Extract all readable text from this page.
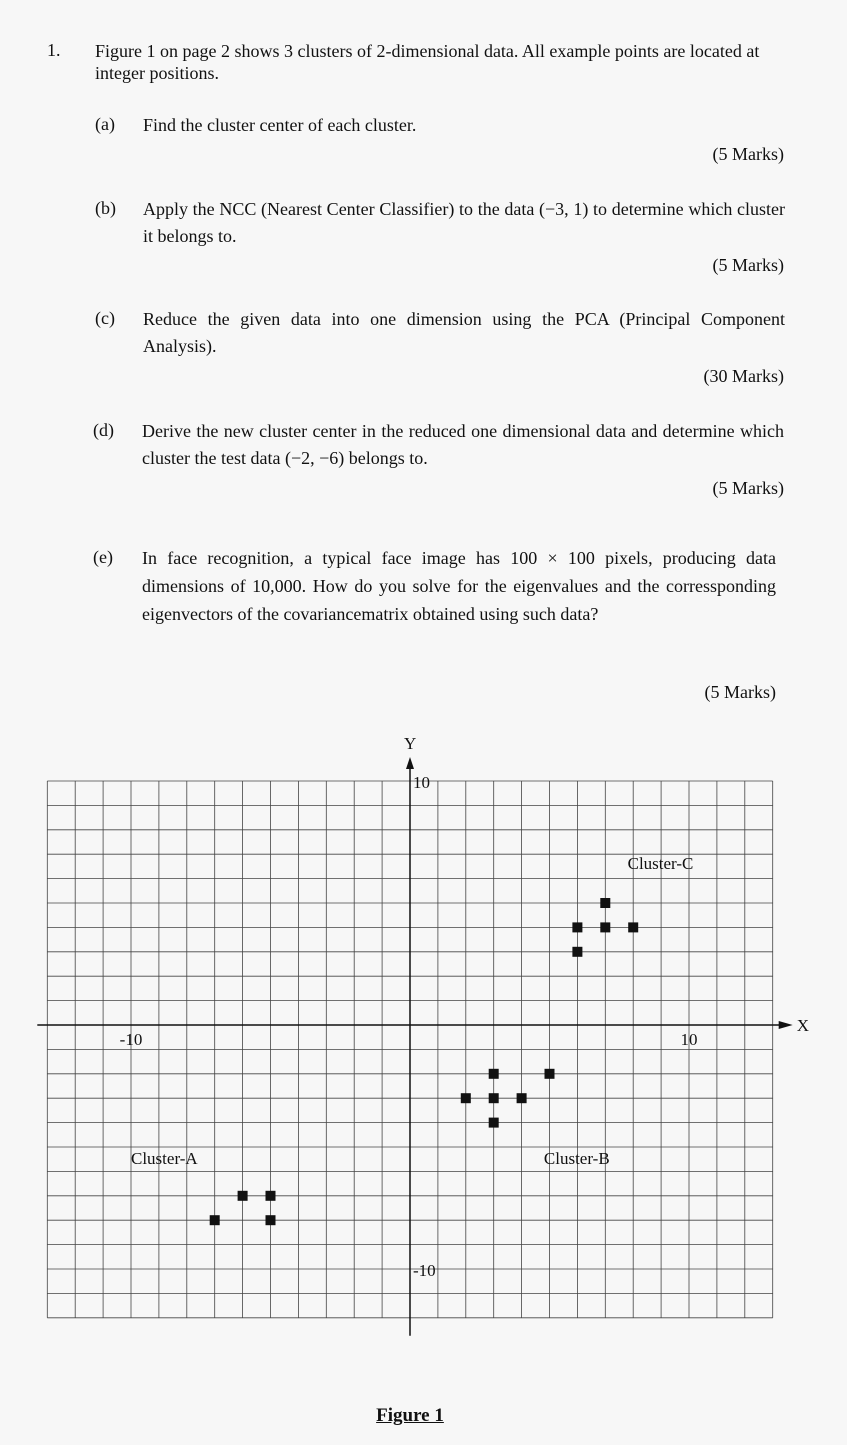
1. Figure 1 on page 2 shows 3 clusters of 2-dimensional data. All example points are located at integer positions.
(a) Find the cluster center of each cluster.
(5 Marks)
(b) Apply the NCC (Nearest Center Classifier) to the data (−3, 1) to determine which cluster it belongs to.
(5 Marks)
(c) Reduce the given data into one dimension using the PCA (Principal Component Analysis).
(30 Marks)
(d) Derive the new cluster center in the reduced one dimensional data and determine which cluster the test data (−2, −6) belongs to.
(5 Marks)
(e) In face recognition, a typical face image has 100 × 100 pixels, producing data dimensions of 10,000. How do you solve for the eigenvalues and the corressponding eigenvectors of the covariancematrix obtained using such data?
(5 Marks)
X
Y
-10	10
10
-10
Cluster-A	Cluster-B
Cluster-C
Figure 1
